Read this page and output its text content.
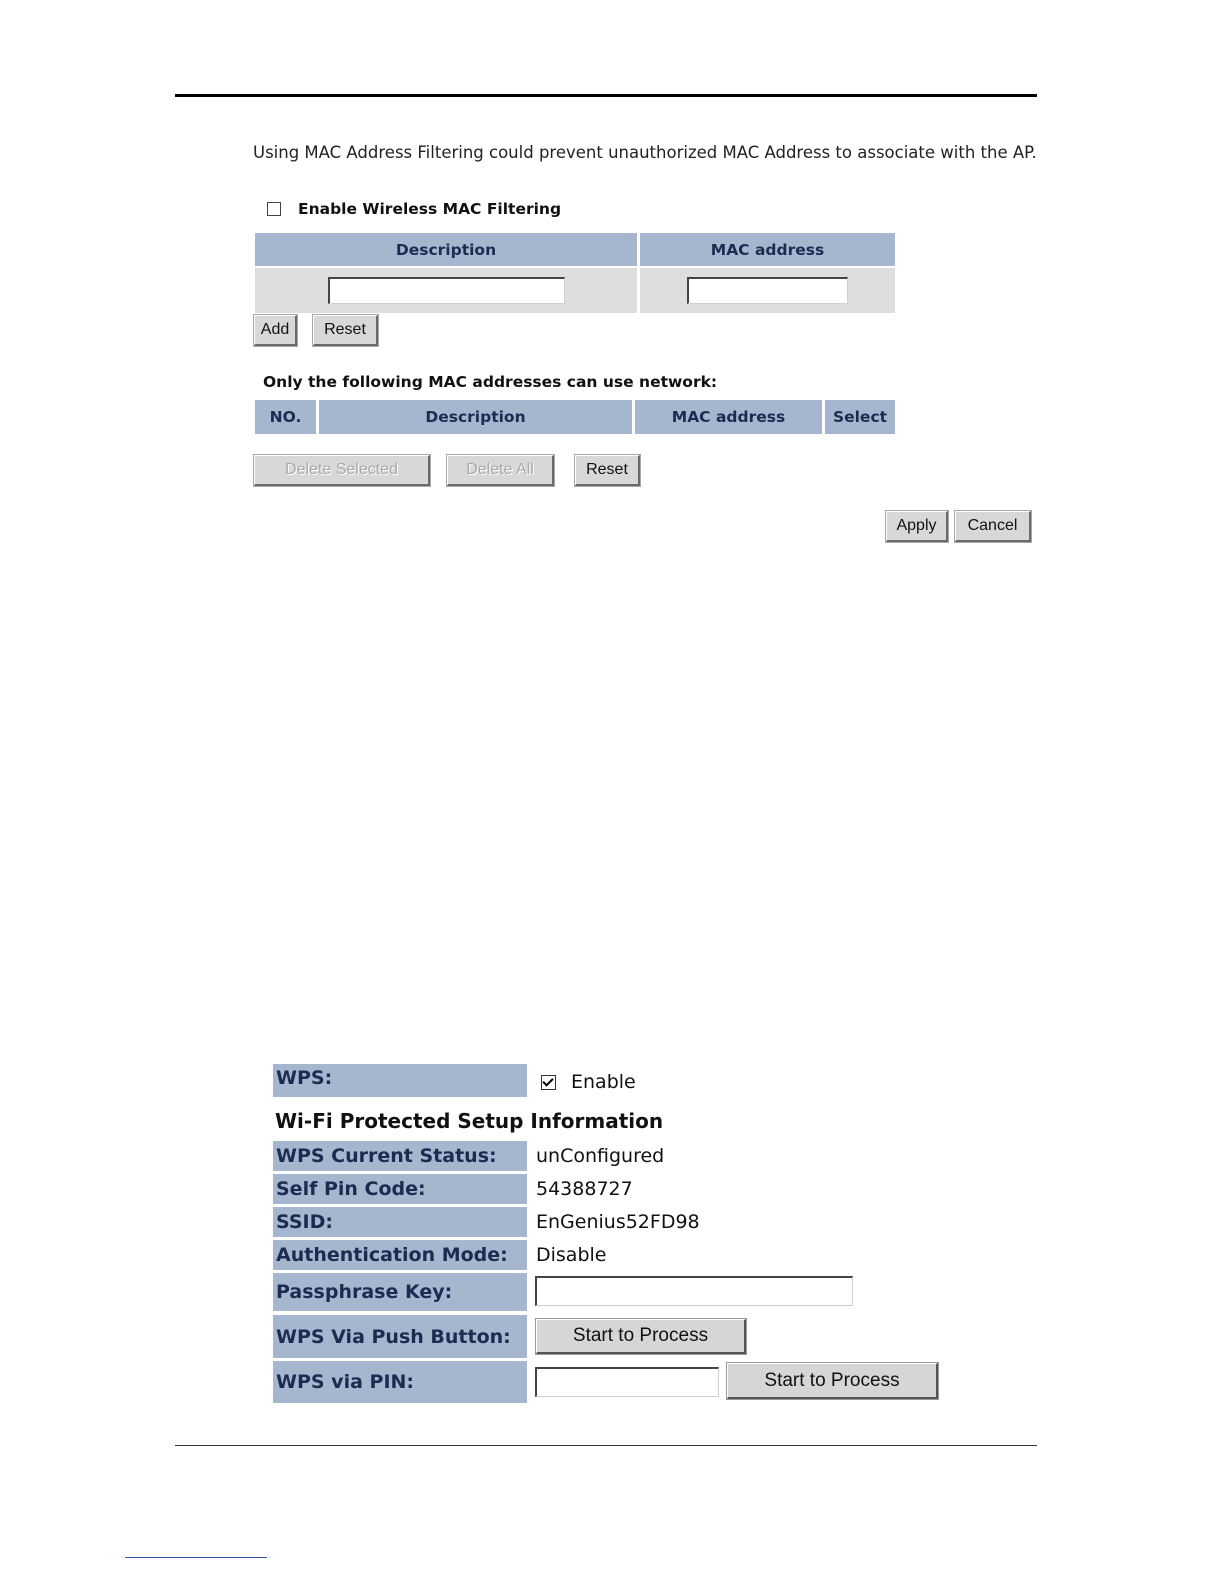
Using MAC Address Filtering could prevent unauthorized MAC Address to associate with the AP.
Enable Wireless MAC Filtering
Description	MAC address
Add	Reset
Only the following MAC addresses can use network:
NO.	Description	MAC address	Select
Delete Selected	Delete All	Reset
Apply	Cancel
WPS:	Enable
Wi-Fi Protected Setup Information
WPS Current Status:	unConfigured
Self Pin Code:	54388727
SSID:	EnGenius52FD98
Authentication Mode:	Disable
Passphrase Key:
WPS Via Push Button:	Start to Process
WPS via PIN:	Start to Process
